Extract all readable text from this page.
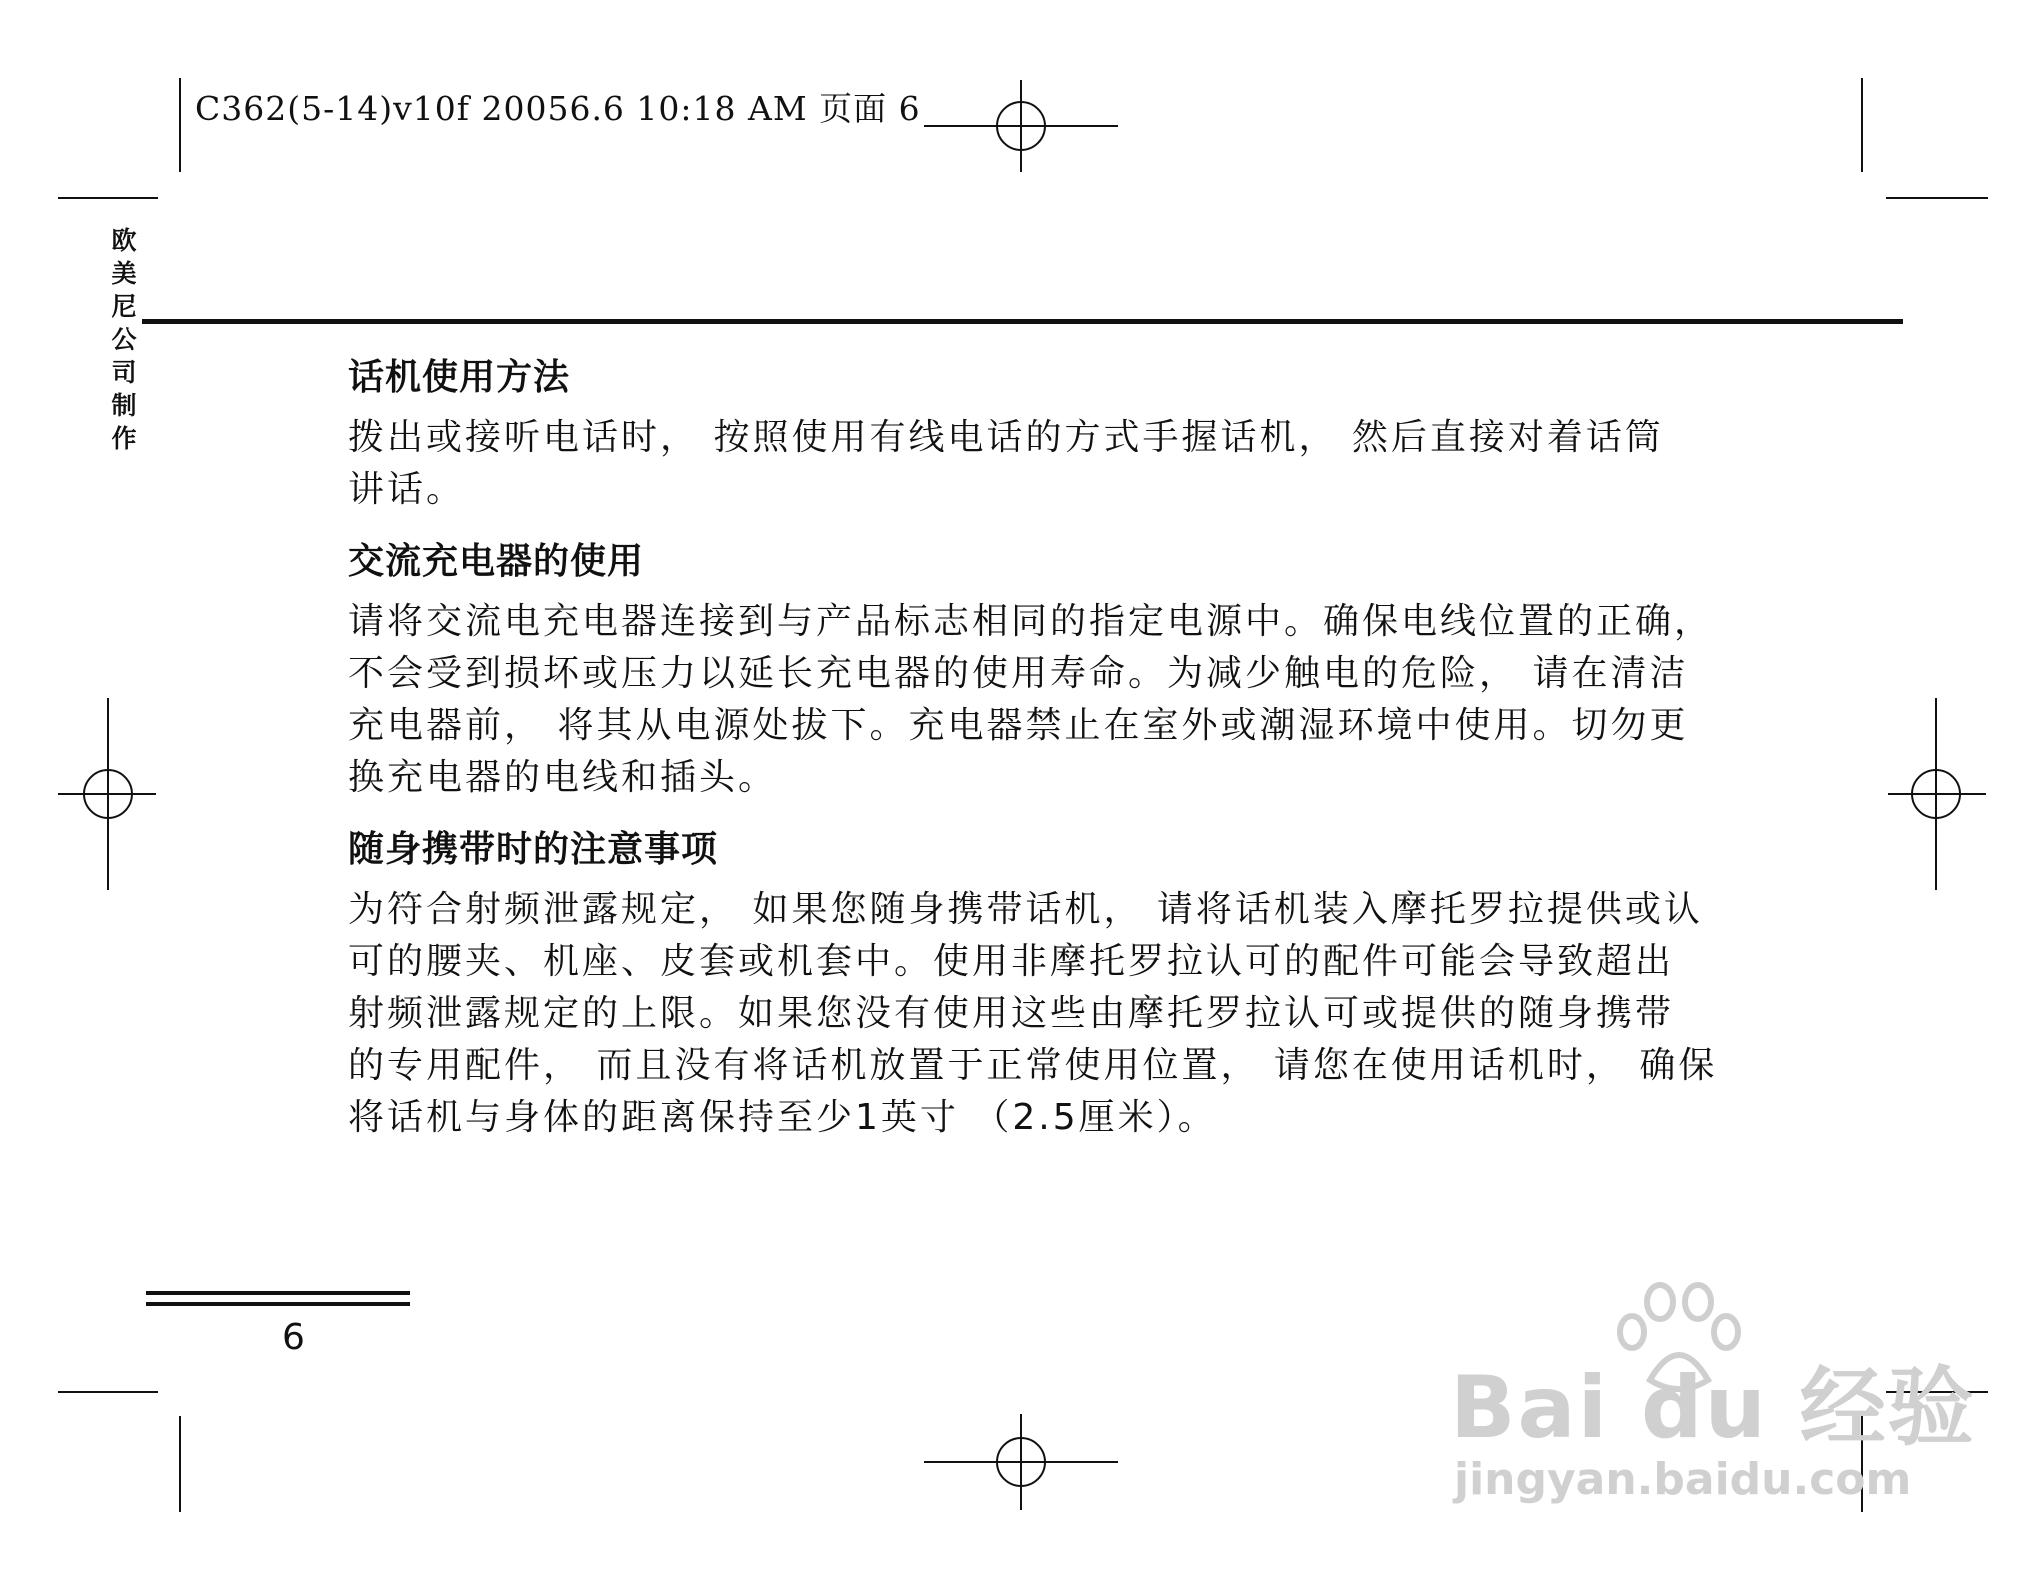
C362(5-14)v10f 20056.6 10:18 AM 页面 6
欧美尼公司制作
话机使用方法

拨出或接听电话时， 按照使用有线电话的方式手握话机， 然后直接对着话筒
讲话。

交流充电器的使用

请将交流电充电器连接到与产品标志相同的指定电源中。确保电线位置的正确，
不会受到损坏或压力以延长充电器的使用寿命。为减少触电的危险， 请在清洁
充电器前， 将其从电源处拔下。充电器禁止在室外或潮湿环境中使用。切勿更
换充电器的电线和插头。

随身携带时的注意事项

为符合射频泄露规定， 如果您随身携带话机， 请将话机装入摩托罗拉提供或认
可的腰夹、机座、皮套或机套中。使用非摩托罗拉认可的配件可能会导致超出
射频泄露规定的上限。如果您没有使用这些由摩托罗拉认可或提供的随身携带
的专用配件， 而且没有将话机放置于正常使用位置， 请您在使用话机时， 确保
将话机与身体的距离保持至少1英寸 （2.5厘米）。

6
Bai du 经验
jingyan.baidu.com
